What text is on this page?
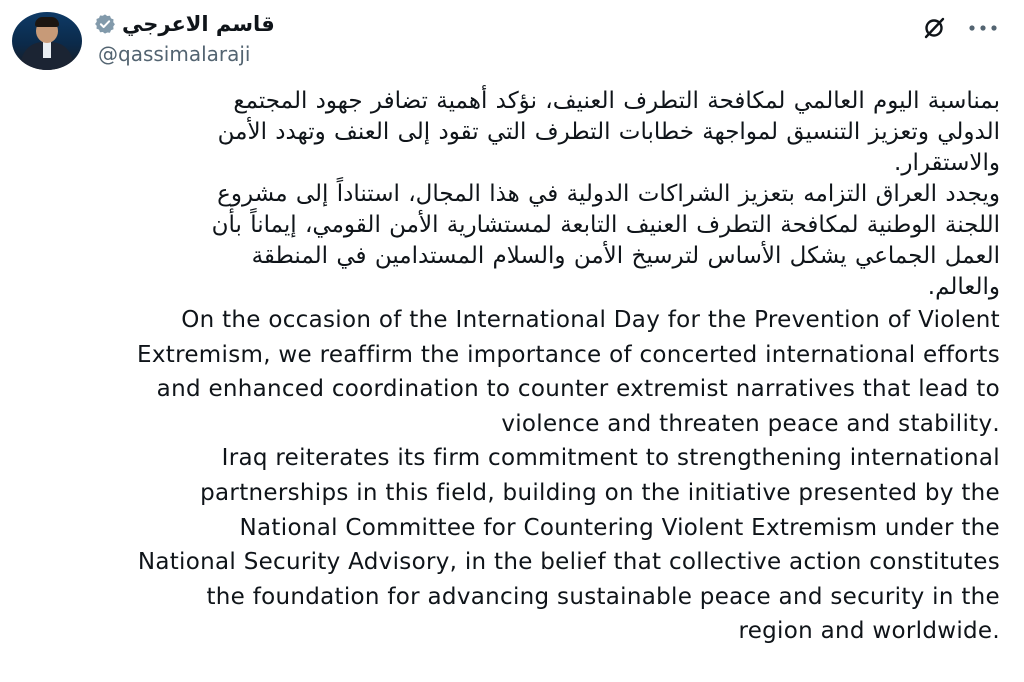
قاسم الاعرجي
@qassimalaraji

بمناسبة اليوم العالمي لمكافحة التطرف العنيف، نؤكد أهمية تضافر جهود المجتمع
الدولي وتعزيز التنسيق لمواجهة خطابات التطرف التي تقود إلى العنف وتهدد الأمن
والاستقرار.

ويجدد العراق التزامه بتعزيز الشراكات الدولية في هذا المجال، استناداً إلى مشروع
اللجنة الوطنية لمكافحة التطرف العنيف التابعة لمستشارية الأمن القومي، إيماناً بأن
العمل الجماعي يشكل الأساس لترسيخ الأمن والسلام المستدامين في المنطقة
والعالم.

On the occasion of the International Day for the Prevention of Violent
Extremism, we reaffirm the importance of concerted international efforts
and enhanced coordination to counter extremist narratives that lead to
.violence and threaten peace and stability

Iraq reiterates its firm commitment to strengthening international
partnerships in this field, building on the initiative presented by the
National Committee for Countering Violent Extremism under the
National Security Advisory, in the belief that collective action constitutes
the foundation for advancing sustainable peace and security in the
.region and worldwide
